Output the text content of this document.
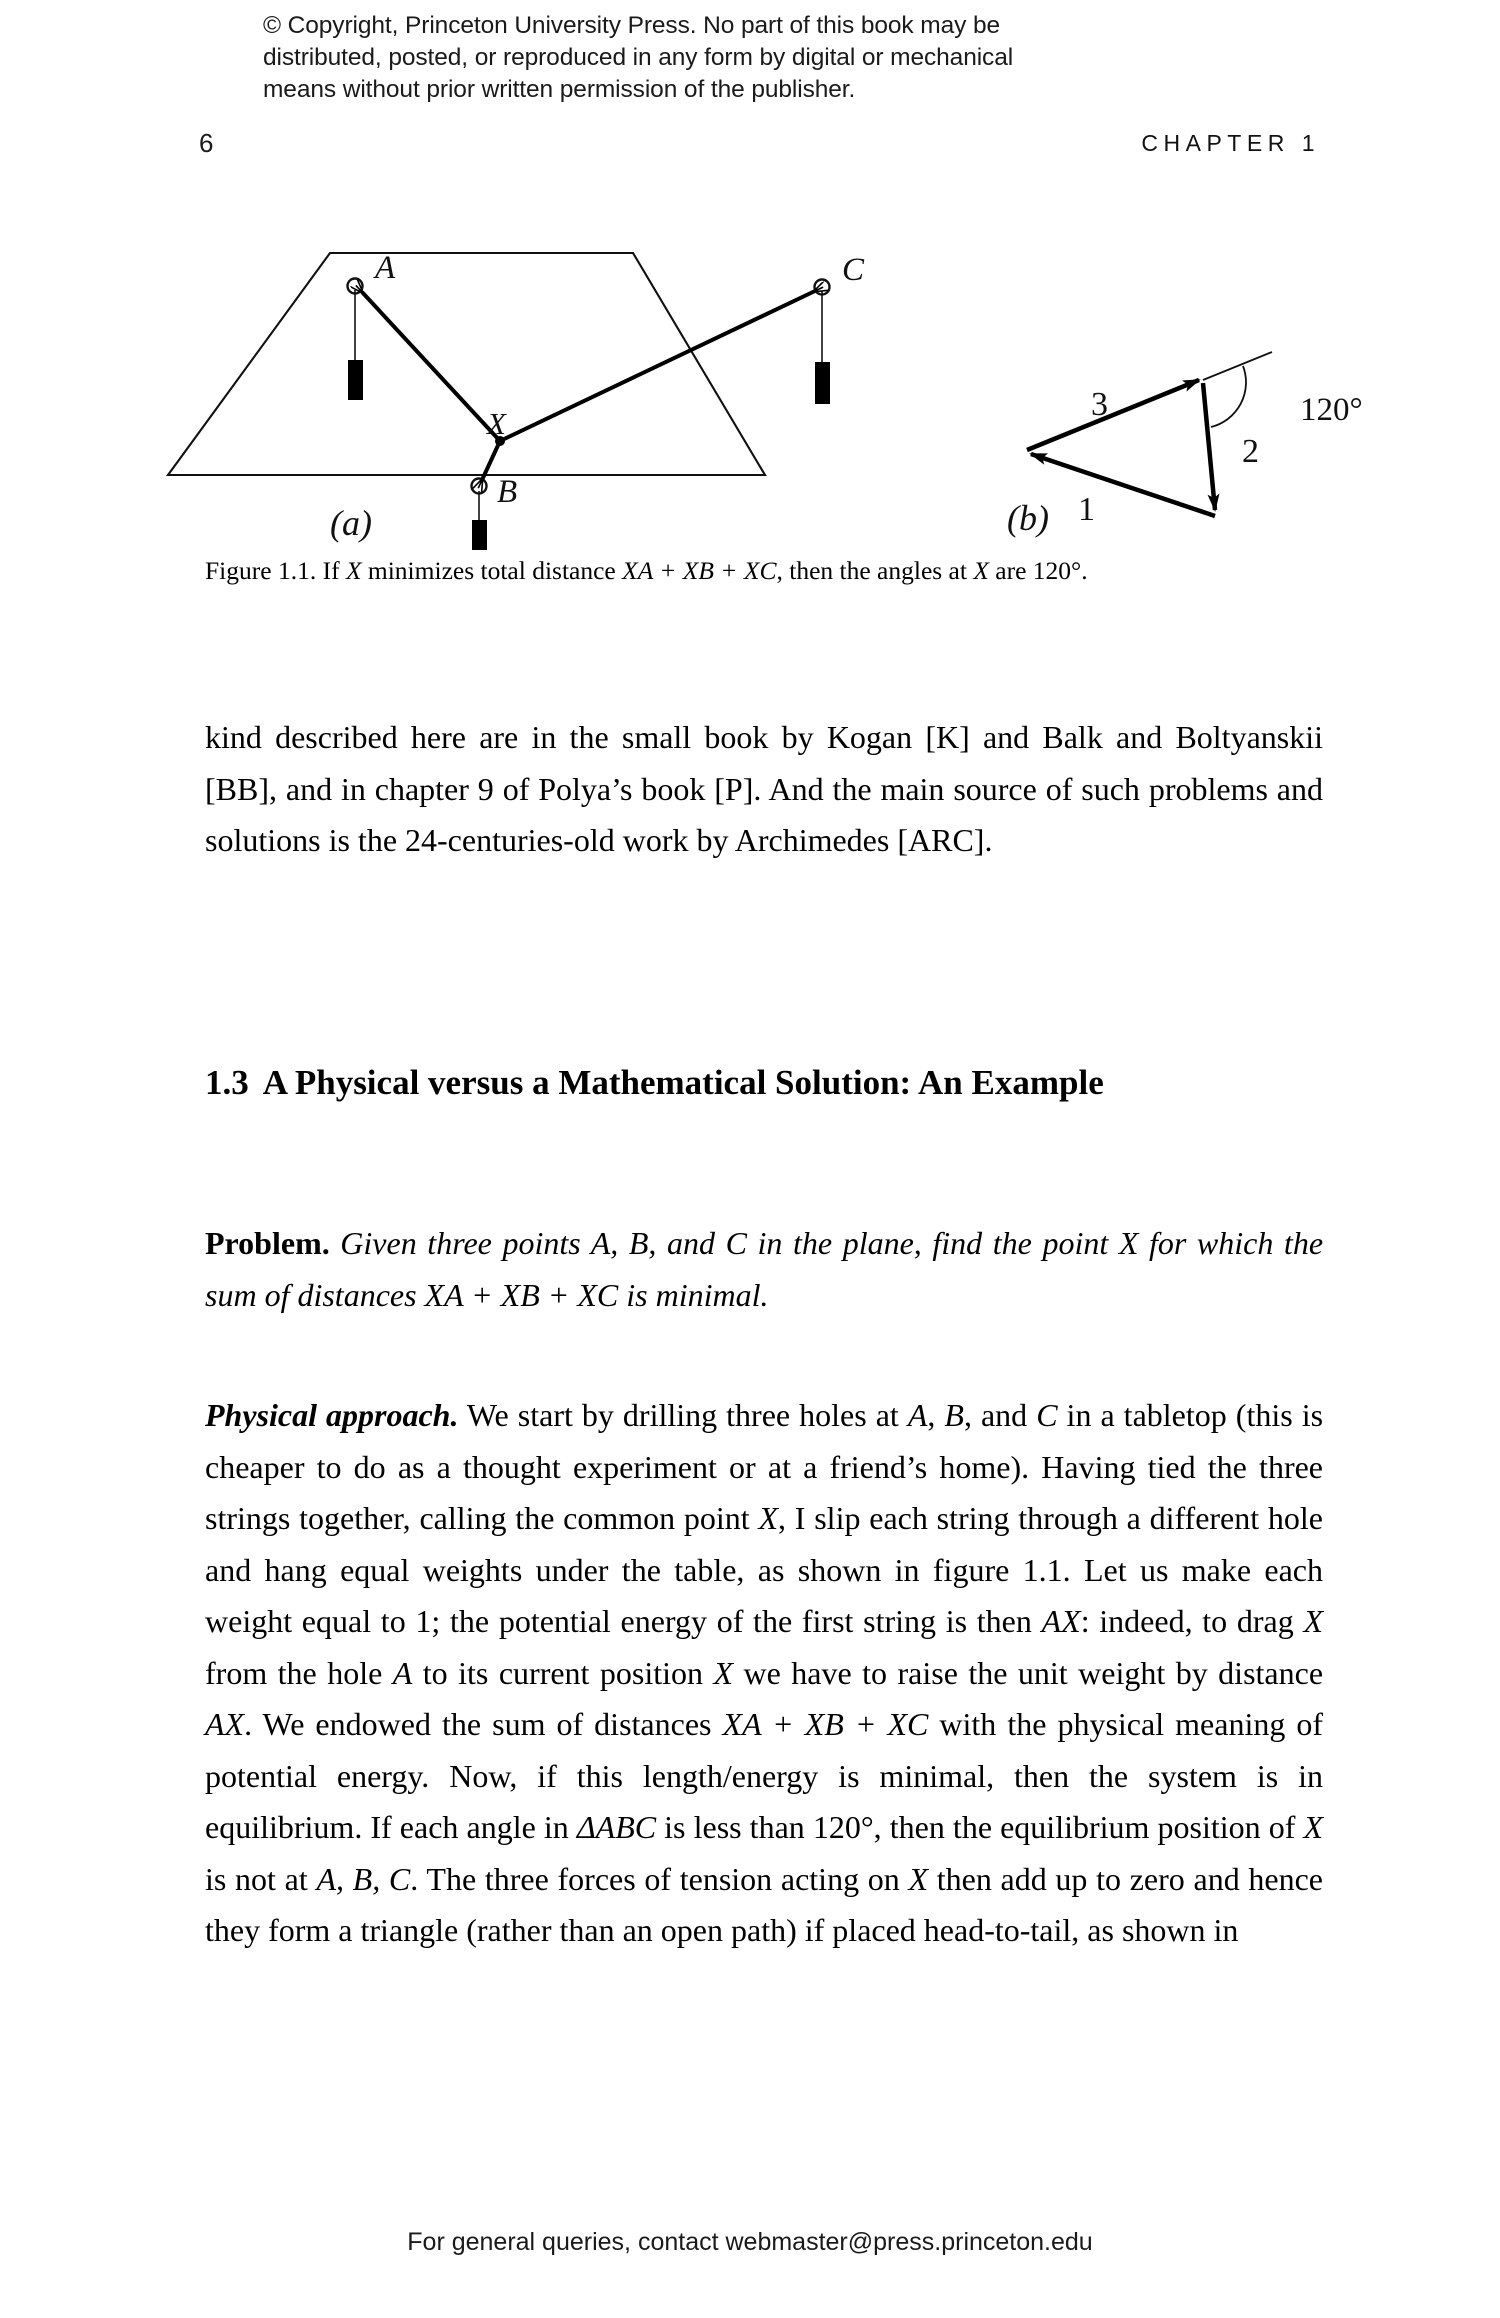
© Copyright, Princeton University Press. No part of this book may be
distributed, posted, or reproduced in any form by digital or mechanical
means without prior written permission of the publisher.
6	CHAPTER 1
A
B
C
X
(a)
3
2
1
120°
(b)
Figure 1.1. If X minimizes total distance XA + XB + XC, then the angles at X are 120°.

kind described here are in the small book by Kogan [K] and Balk and Boltyanskii [BB], and in chapter 9 of Polya’s book [P]. And the main source of such problems and solutions is the 24-centuries-old work by Archimedes [ARC].

1.3 A Physical versus a Mathematical Solution: An Example

Problem. Given three points A, B, and C in the plane, find the point X for which the sum of distances XA + XB + XC is minimal.

Physical approach. We start by drilling three holes at A, B, and C in a tabletop (this is cheaper to do as a thought experiment or at a friend’s home). Having tied the three strings together, calling the common point X, I slip each string through a different hole and hang equal weights under the table, as shown in figure 1.1. Let us make each weight equal to 1; the potential energy of the first string is then AX: indeed, to drag X from the hole A to its current position X we have to raise the unit weight by distance AX. We endowed the sum of distances XA + XB + XC with the physical meaning of potential energy. Now, if this length/energy is minimal, then the system is in equilibrium. If each angle in ΔABC is less than 120°, then the equilibrium position of X is not at A, B, C. The three forces of tension acting on X then add up to zero and hence they form a triangle (rather than an open path) if placed head-to-tail, as shown in

For general queries, contact webmaster@press.princeton.edu
